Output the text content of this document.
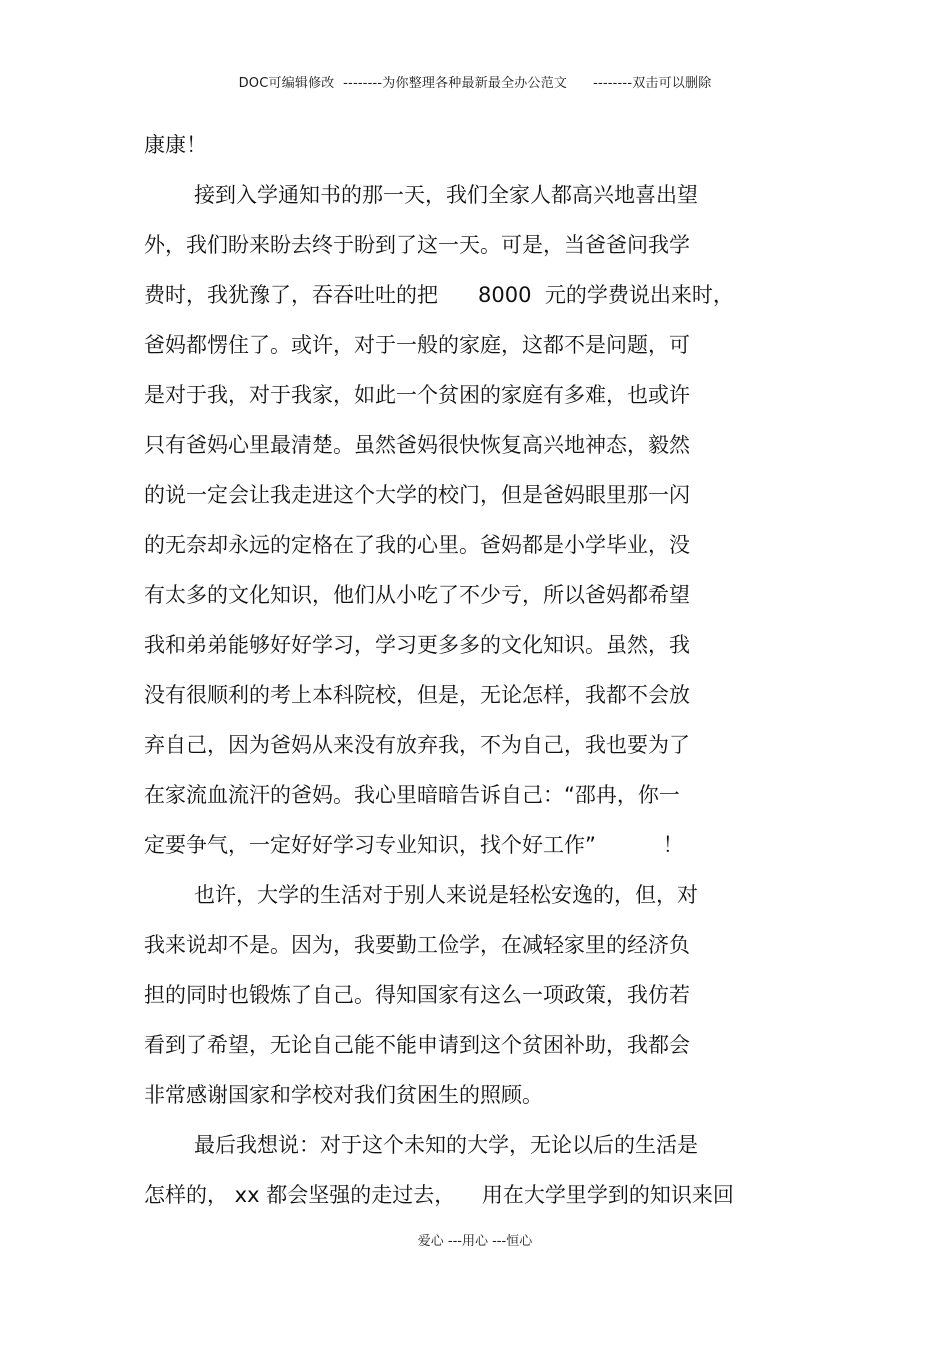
DOC可编辑修改  --------为你整理各种最新最全办公范文      --------双击可以删除
康康！
接到入学通知书的那一天，我们全家人都高兴地喜出望
外，我们盼来盼去终于盼到了这一天。可是，当爸爸问我学
费时，我犹豫了，吞吞吐吐的把      8000  元的学费说出来时，
爸妈都愣住了。或许，对于一般的家庭，这都不是问题，可
是对于我，对于我家，如此一个贫困的家庭有多难，也或许
只有爸妈心里最清楚。虽然爸妈很快恢复高兴地神态，毅然
的说一定会让我走进这个大学的校门，但是爸妈眼里那一闪
的无奈却永远的定格在了我的心里。爸妈都是小学毕业，没
有太多的文化知识，他们从小吃了不少亏，所以爸妈都希望
我和弟弟能够好好学习，学习更多多的文化知识。虽然，我
没有很顺利的考上本科院校，但是，无论怎样，我都不会放
弃自己，因为爸妈从来没有放弃我，不为自己，我也要为了
在家流血流汗的爸妈。我心里暗暗告诉自己：“邵冉，你一
定要争气，一定好好学习专业知识，找个好工作”          ！
也许，大学的生活对于别人来说是轻松安逸的，但，对
我来说却不是。因为，我要勤工俭学，在减轻家里的经济负
担的同时也锻炼了自己。得知国家有这么一项政策，我仿若
看到了希望，无论自己能不能申请到这个贫困补助，我都会
非常感谢国家和学校对我们贫困生的照顾。
最后我想说：对于这个未知的大学，无论以后的生活是
怎样的， xx 都会坚强的走过去，    用在大学里学到的知识来回
爱心 ---用心 ---恒心
